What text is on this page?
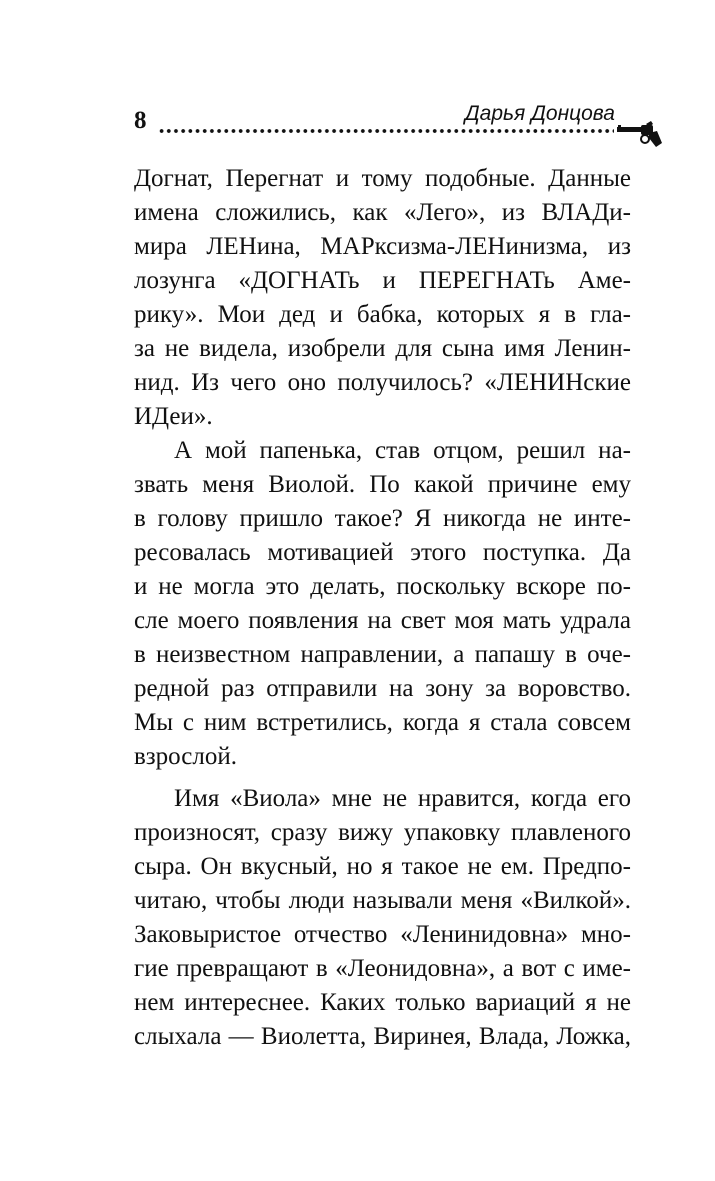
8	Дарья Донцова
Догнат, Перегнат и тому подобные. Данные
имена сложились, как «Лего», из ВЛАДи-
мира ЛЕНина, МАРксизма-ЛЕНинизма, из
лозунга «ДОГНАТь и ПЕРЕГНАТь Аме-
рику». Мои дед и бабка, которых я в гла-
за не видела, изобрели для сына имя Ленин-
нид. Из чего оно получилось? «ЛЕНИНские
ИДеи».
А мой папенька, став отцом, решил на-
звать меня Виолой. По какой причине ему
в голову пришло такое? Я никогда не инте-
ресовалась мотивацией этого поступка. Да
и не могла это делать, поскольку вскоре по-
сле моего появления на свет моя мать удрала
в неизвестном направлении, а папашу в оче-
редной раз отправили на зону за воровство.
Мы с ним встретились, когда я стала совсем
взрослой.
Имя «Виола» мне не нравится, когда его
произносят, сразу вижу упаковку плавленого
сыра. Он вкусный, но я такое не ем. Предпо-
читаю, чтобы люди называли меня «Вилкой».
Заковыристое отчество «Ленинидовна» мно-
гие превращают в «Леонидовна», а вот с име-
нем интереснее. Каких только вариаций я не
слыхала — Виолетта, Виринея, Влада, Ложка,
